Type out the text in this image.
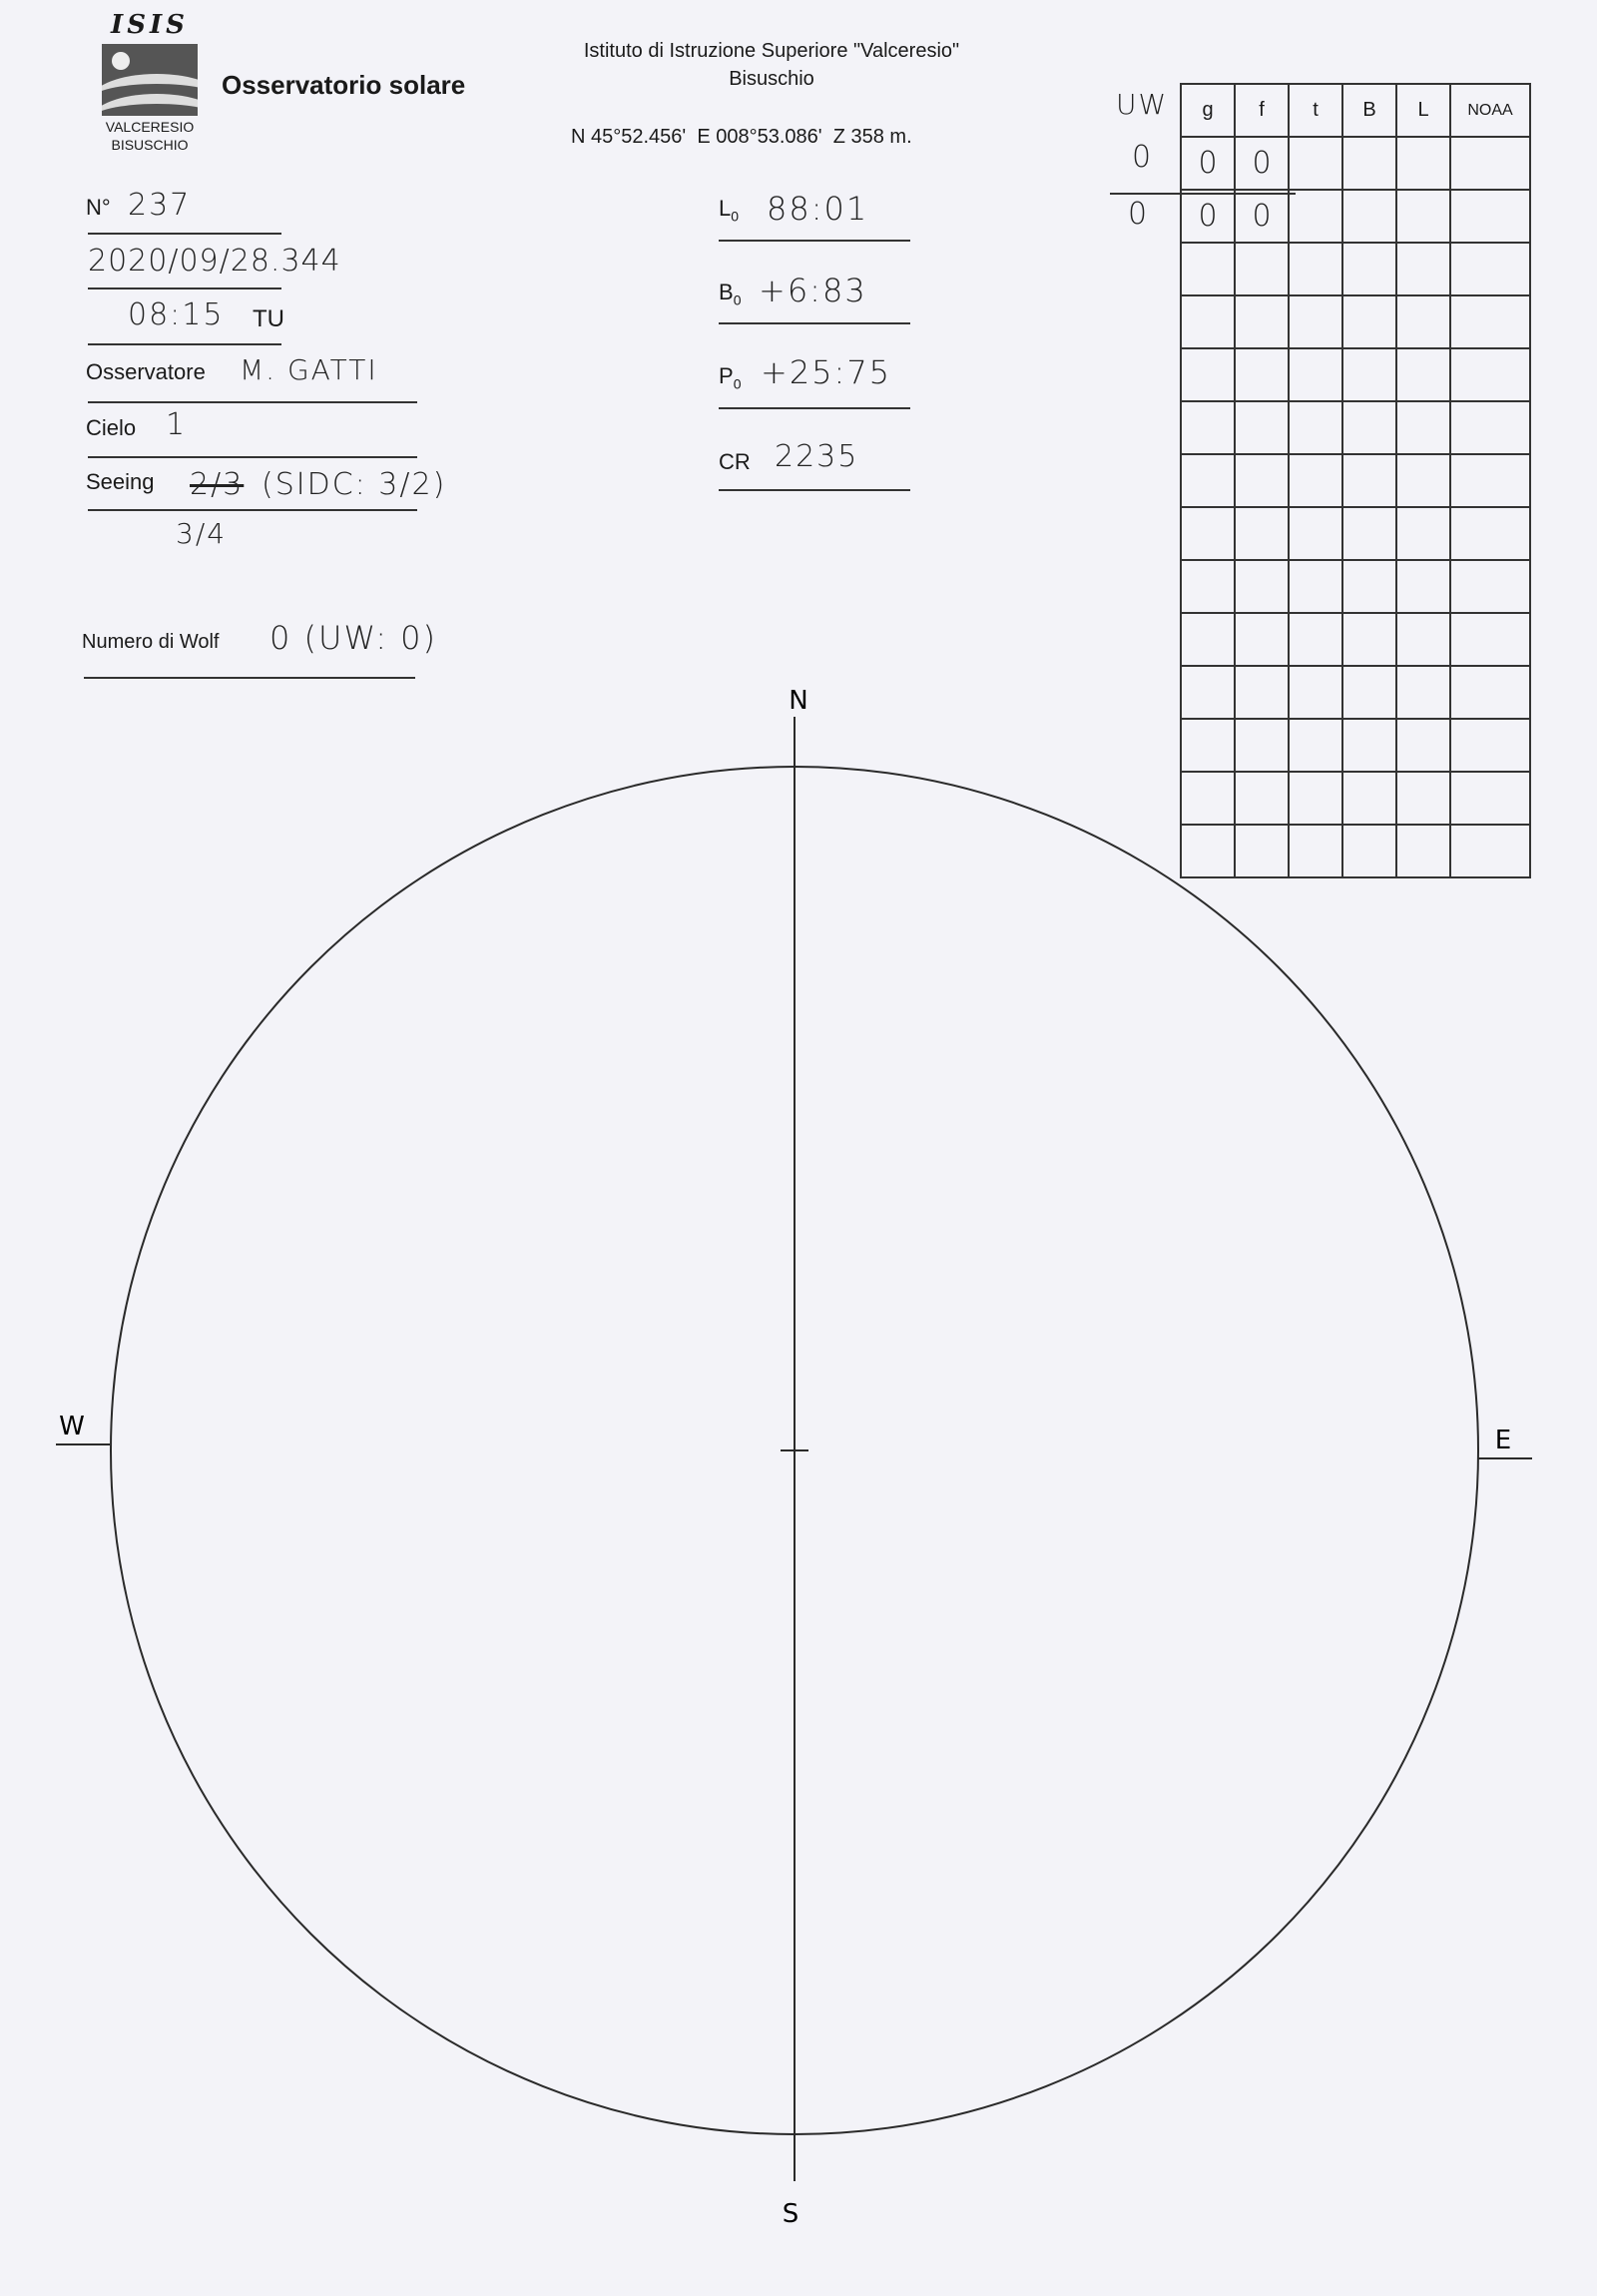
ISIS
VALCERESIO
BISUSCHIO
Osservatorio solare
Istituto di Istruzione Superiore "Valceresio"
Bisuschio
N 45°52.456'  E 008°53.086'  Z 358 m.
N° 237
2020/09/28.344
08:15 TU
Osservatore M. GATTI
Cielo 1
Seeing 2/3 (SIDC: 3/2)
3/4
Numero di Wolf 0 (UW: 0)
$L_0$ 88:01
$B_0$ +6:83
$P_0$ +25:75
CR 2235
UW
0
0
g	f	t	B	L	NOAA
0	0				
0	0				

N
S
W	E
